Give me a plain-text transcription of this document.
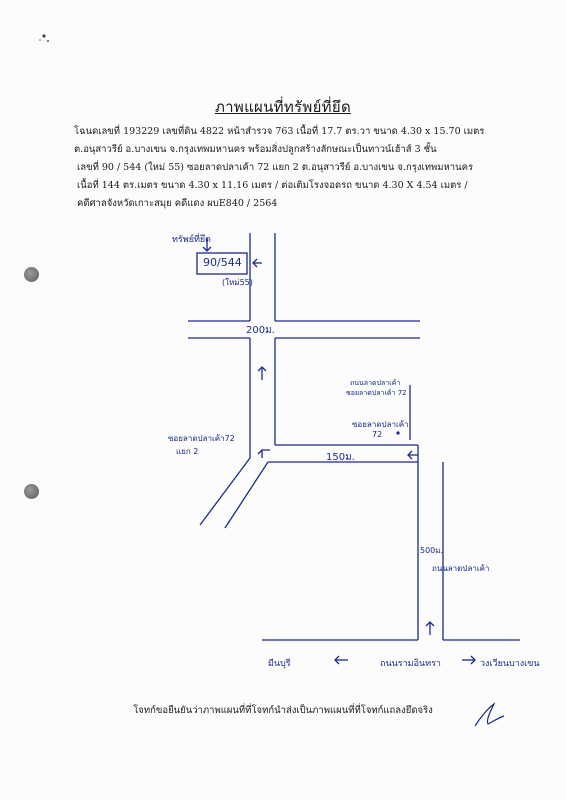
ภาพแผนที่ทรัพย์ที่ยึด
โฉนดเลขที่ 193229 เลขที่ดิน 4822 หน้าสำรวจ 763 เนื้อที่ 17.7 ตร.วา ขนาด 4.30 x 15.70 เมตร
ต.อนุสาวรีย์ อ.บางเขน จ.กรุงเทพมหานคร พร้อมสิ่งปลูกสร้างลักษณะเป็นทาวน์เฮ้าส์ 3 ชั้น
เลขที่ 90 / 544 (ใหม่ 55) ซอยลาดปลาเค้า 72 แยก 2 ต.อนุสาวรีย์ อ.บางเขน จ.กรุงเทพมหานคร
เนื้อที่ 144 ตร.เมตร ขนาด 4.30 x 11.16 เมตร / ต่อเติมโรงจอดรถ ขนาด 4.30 X 4.54 เมตร /
คดีศาลจังหวัดเกาะสมุย คดีแดง ผบE840 / 2564
ทรัพย์ที่ยึด
90/544
(ใหม่55)
200ม.
ซอยลาดปลาเค้า72
แยก 2
150ม.
ถนนลาดปลาเค้า
ซอยลาดปลาเค้า 72
ซอยลาดปลาเค้า
72
500ม.
ถนนลาดปลาเค้า
ถนนรามอินทรา
มีนบุรี	วงเวียนบางเขน
โจทก์ขอยืนยันว่าภาพแผนที่ที่โจทก์นำส่งเป็นภาพแผนที่ที่โจทก์แถลงยึดจริง
